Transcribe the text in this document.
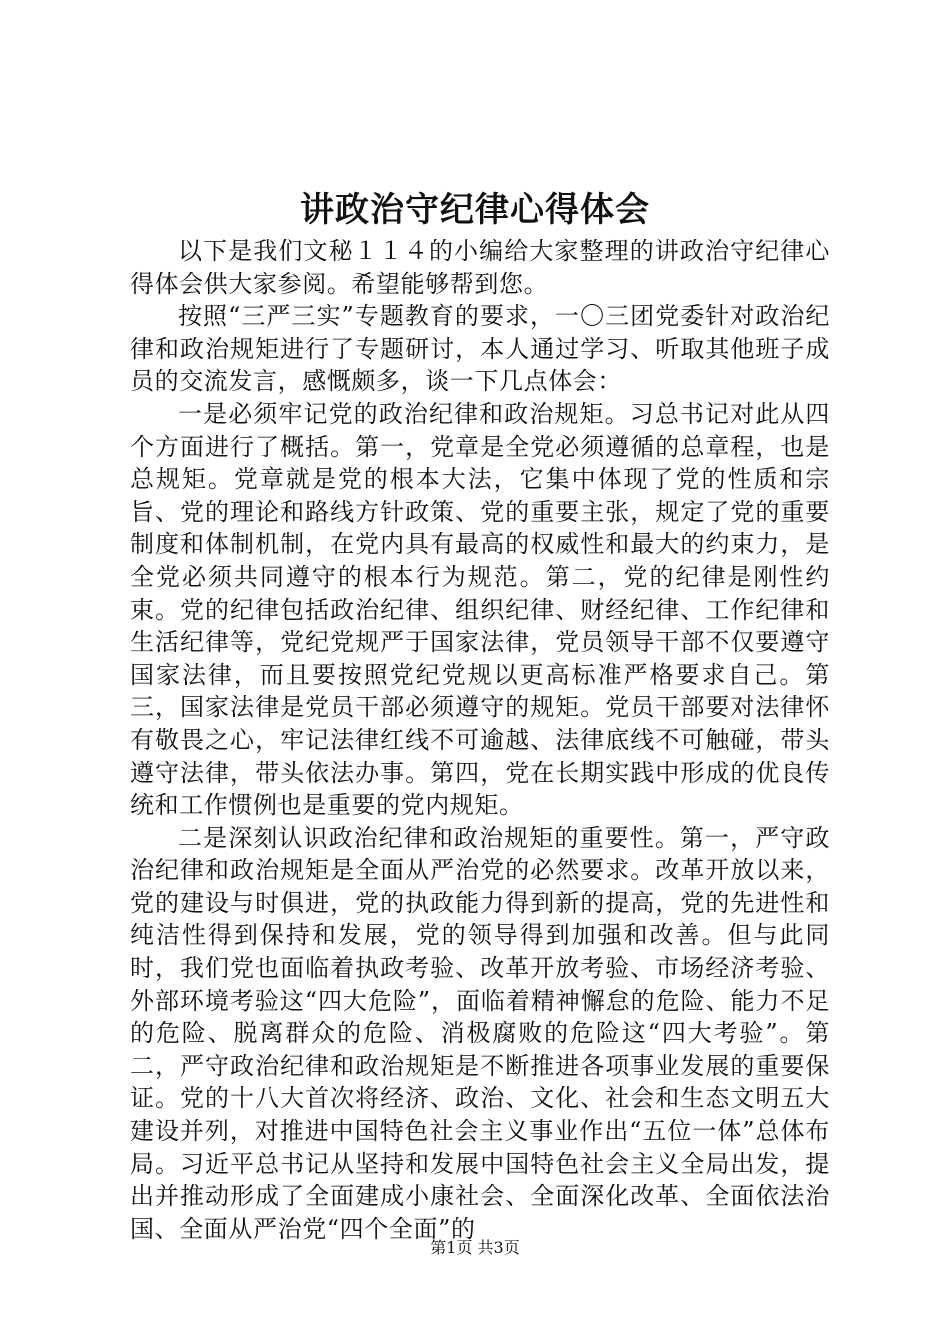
讲政治守纪律心得体会

以下是我们文秘１１４的小编给大家整理的讲政治守纪律心得体会供大家参阅。希望能够帮到您。

按照“三严三实”专题教育的要求，一〇三团党委针对政治纪律和政治规矩进行了专题研讨，本人通过学习、听取其他班子成员的交流发言，感慨颇多，谈一下几点体会：

一是必须牢记党的政治纪律和政治规矩。习总书记对此从四个方面进行了概括。第一，党章是全党必须遵循的总章程，也是总规矩。党章就是党的根本大法，它集中体现了党的性质和宗旨、党的理论和路线方针政策、党的重要主张，规定了党的重要制度和体制机制，在党内具有最高的权威性和最大的约束力，是全党必须共同遵守的根本行为规范。第二，党的纪律是刚性约束。党的纪律包括政治纪律、组织纪律、财经纪律、工作纪律和生活纪律等，党纪党规严于国家法律，党员领导干部不仅要遵守国家法律，而且要按照党纪党规以更高标准严格要求自己。第三，国家法律是党员干部必须遵守的规矩。党员干部要对法律怀有敬畏之心，牢记法律红线不可逾越、法律底线不可触碰，带头遵守法律，带头依法办事。第四，党在长期实践中形成的优良传统和工作惯例也是重要的党内规矩。

二是深刻认识政治纪律和政治规矩的重要性。第一，严守政治纪律和政治规矩是全面从严治党的必然要求。改革开放以来，党的建设与时俱进，党的执政能力得到新的提高，党的先进性和纯洁性得到保持和发展，党的领导得到加强和改善。但与此同时，我们党也面临着执政考验、改革开放考验、市场经济考验、外部环境考验这“四大危险”，面临着精神懈怠的危险、能力不足的危险、脱离群众的危险、消极腐败的危险这“四大考验”。第二，严守政治纪律和政治规矩是不断推进各项事业发展的重要保证。党的十八大首次将经济、政治、文化、社会和生态文明五大建设并列，对推进中国特色社会主义事业作出“五位一体”总体布局。习近平总书记从坚持和发展中国特色社会主义全局出发，提出并推动形成了全面建成小康社会、全面深化改革、全面依法治国、全面从严治党“四个全面”的

第1页 共3页
